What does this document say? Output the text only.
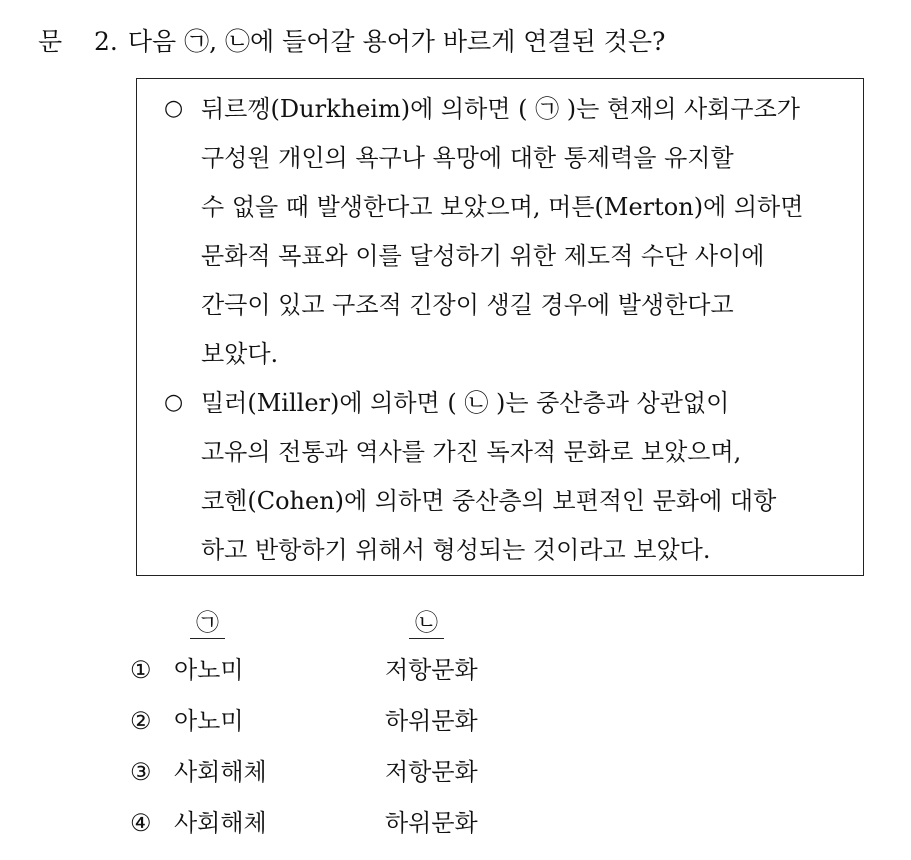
문 2. 다음 ㉠, ㉡에 들어갈 용어가 바르게 연결된 것은?
○ 뒤르껭(Durkheim)에 의하면 ( ㉠ )는 현재의 사회구조가
구성원 개인의 욕구나 욕망에 대한 통제력을 유지할
수 없을 때 발생한다고 보았으며, 머튼(Merton)에 의하면
문화적 목표와 이를 달성하기 위한 제도적 수단 사이에
간극이 있고 구조적 긴장이 생길 경우에 발생한다고
보았다.
○ 밀러(Miller)에 의하면 ( ㉡ )는 중산층과 상관없이
고유의 전통과 역사를 가진 독자적 문화로 보았으며,
코헨(Cohen)에 의하면 중산층의 보편적인 문화에 대항
하고 반항하기 위해서 형성되는 것이라고 보았다.
㉠	㉡
① 아노미	저항문화
② 아노미	하위문화
③ 사회해체	저항문화
④ 사회해체	하위문화
